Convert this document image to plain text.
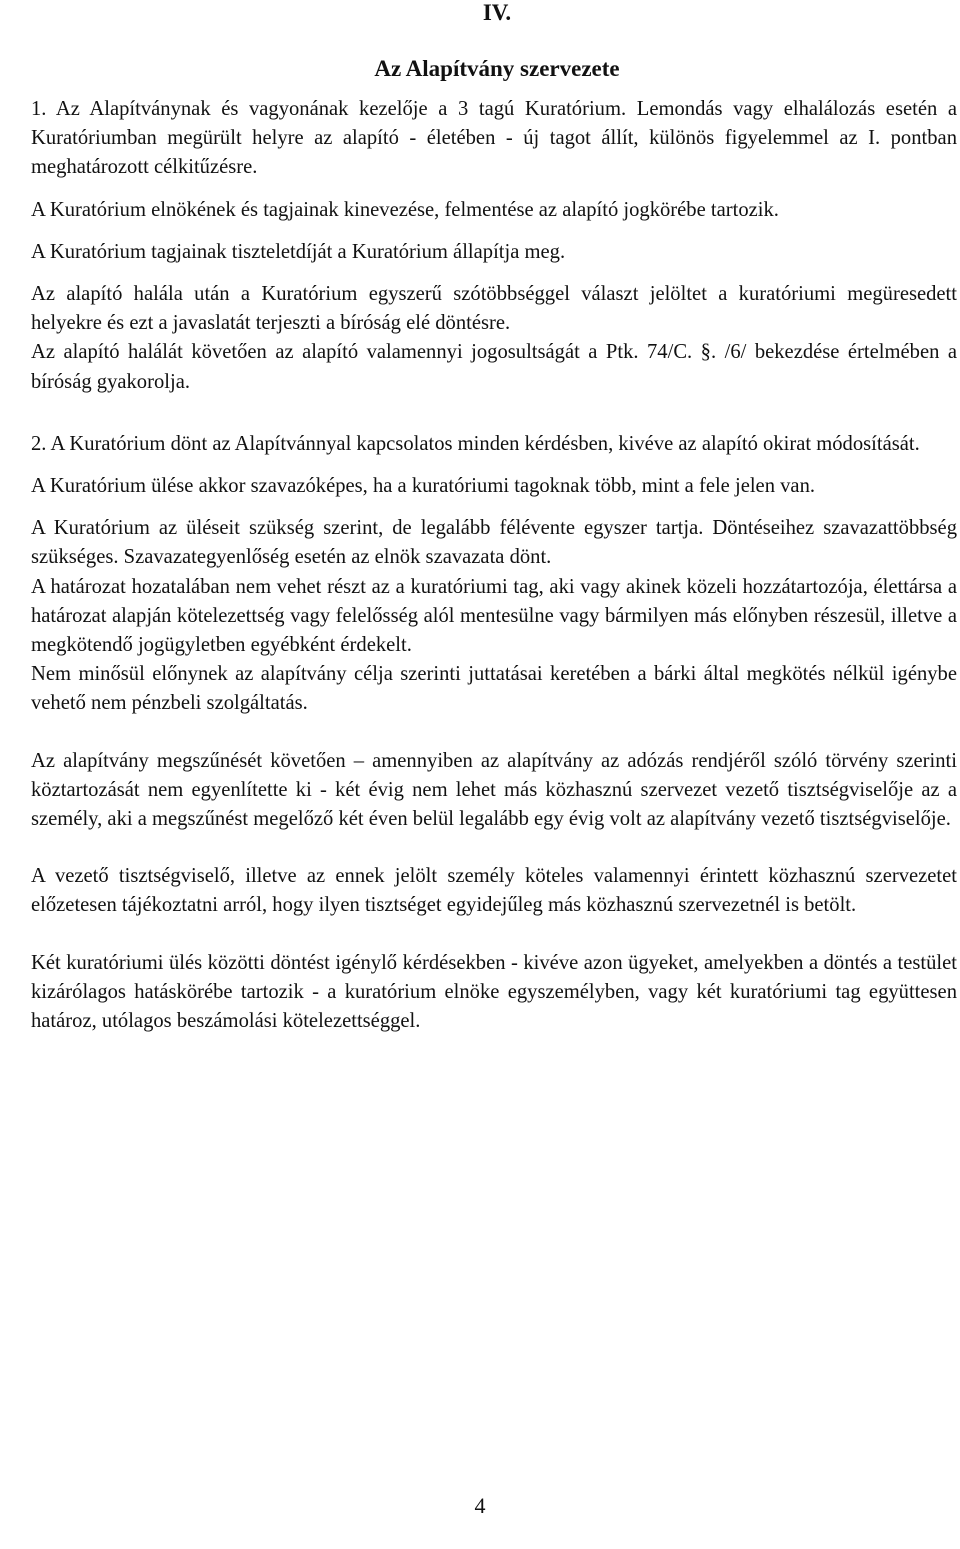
IV.
Az Alapítvány szervezete

1. Az Alapítványnak és vagyonának kezelője a 3 tagú Kuratórium. Lemondás vagy elhalálozás esetén a Kuratóriumban megürült helyre az alapító - életében - új tagot állít, különös figyelemmel az I. pontban meghatározott célkitűzésre.

A Kuratórium elnökének és tagjainak kinevezése, felmentése az alapító jogkörébe tartozik.

A Kuratórium tagjainak tiszteletdíját a Kuratórium állapítja meg.

Az alapító halála után a Kuratórium egyszerű szótöbbséggel választ jelöltet a kuratóriumi megüresedett helyekre és ezt a javaslatát terjeszti a bíróság elé döntésre.

Az alapító halálát követően az alapító valamennyi jogosultságát a Ptk. 74/C. §. /6/ bekezdése értelmében a bíróság gyakorolja.

2. A Kuratórium dönt az Alapítvánnyal kapcsolatos minden kérdésben, kivéve az alapító okirat módosítását.

A Kuratórium ülése akkor szavazóképes, ha a kuratóriumi tagoknak több, mint a fele jelen van.

A Kuratórium az üléseit szükség szerint, de legalább félévente egyszer tartja. Döntéseihez szavazattöbbség szükséges. Szavazategyenlőség esetén az elnök szavazata dönt.

A határozat hozatalában nem vehet részt az a kuratóriumi tag, aki vagy akinek közeli hozzátartozója, élettársa a határozat alapján kötelezettség vagy felelősség alól mentesülne vagy bármilyen más előnyben részesül, illetve a megkötendő jogügyletben egyébként érdekelt.

Nem minősül előnynek az alapítvány célja szerinti juttatásai keretében a bárki által megkötés nélkül igénybe vehető nem pénzbeli szolgáltatás.

Az alapítvány megszűnését követően – amennyiben az alapítvány az adózás rendjéről szóló törvény szerinti köztartozását nem egyenlítette ki - két évig nem lehet más közhasznú szervezet vezető tisztségviselője az a személy, aki a megszűnést megelőző két éven belül legalább egy évig volt az alapítvány vezető tisztségviselője.

A vezető tisztségviselő, illetve az ennek jelölt személy köteles valamennyi érintett közhasznú szervezetet előzetesen tájékoztatni arról, hogy ilyen tisztséget egyidejűleg más közhasznú szervezetnél is betölt.

Két kuratóriumi ülés közötti döntést igénylő kérdésekben - kivéve azon ügyeket, amelyekben a döntés a testület kizárólagos hatáskörébe tartozik - a kuratórium elnöke egyszemélyben, vagy két kuratóriumi tag együttesen határoz, utólagos beszámolási kötelezettséggel.

4
